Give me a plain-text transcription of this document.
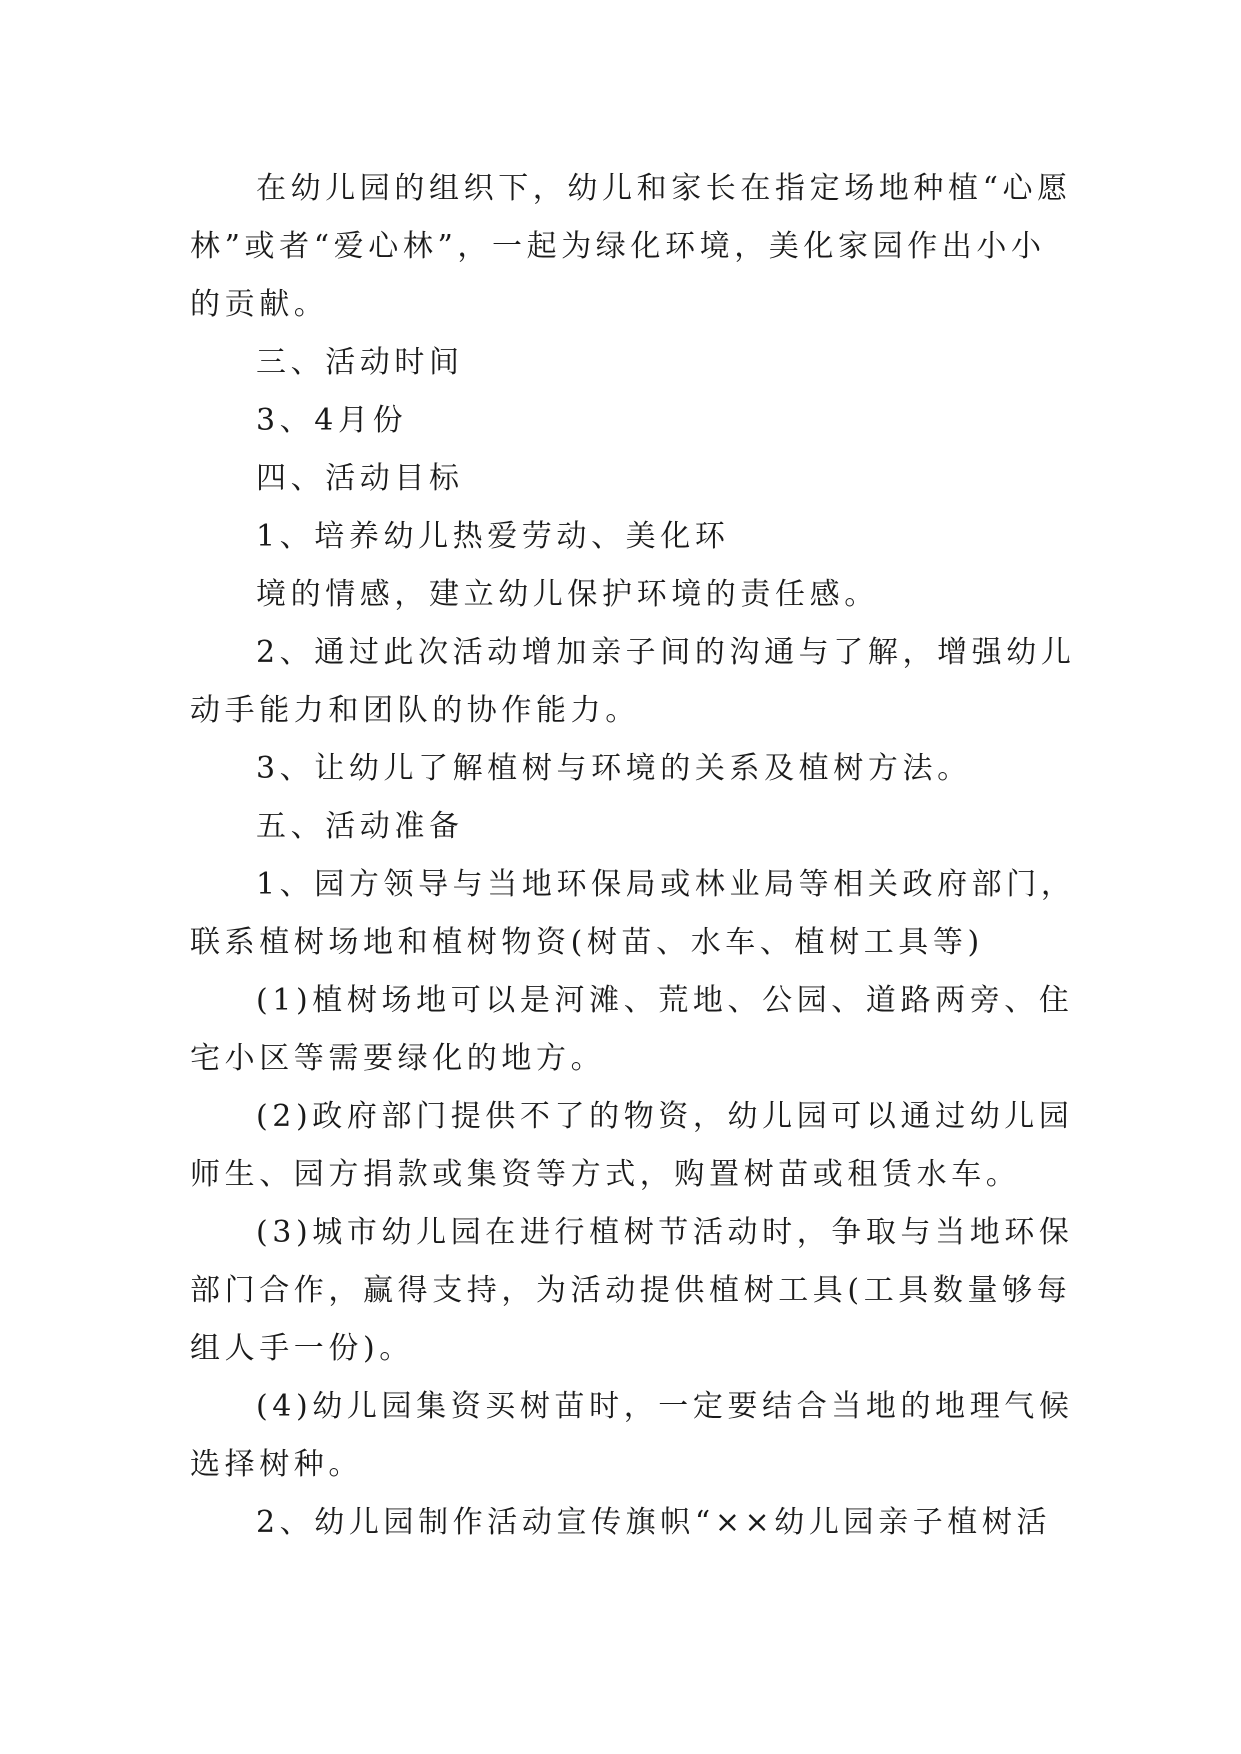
在幼儿园的组织下，幼儿和家长在指定场地种植“心愿
林”或者“爱心林”，一起为绿化环境，美化家园作出小小
的贡献。
三、活动时间
3、4月份
四、活动目标
1、培养幼儿热爱劳动、美化环
境的情感，建立幼儿保护环境的责任感。
2、通过此次活动增加亲子间的沟通与了解，增强幼儿
动手能力和团队的协作能力。
3、让幼儿了解植树与环境的关系及植树方法。
五、活动准备
1、园方领导与当地环保局或林业局等相关政府部门，
联系植树场地和植树物资(树苗、水车、植树工具等)
(1)植树场地可以是河滩、荒地、公园、道路两旁、住
宅小区等需要绿化的地方。
(2)政府部门提供不了的物资，幼儿园可以通过幼儿园
师生、园方捐款或集资等方式，购置树苗或租赁水车。
(3)城市幼儿园在进行植树节活动时，争取与当地环保
部门合作，赢得支持，为活动提供植树工具(工具数量够每
组人手一份)。
(4)幼儿园集资买树苗时，一定要结合当地的地理气候
选择树种。
2、幼儿园制作活动宣传旗帜“××幼儿园亲子植树活
